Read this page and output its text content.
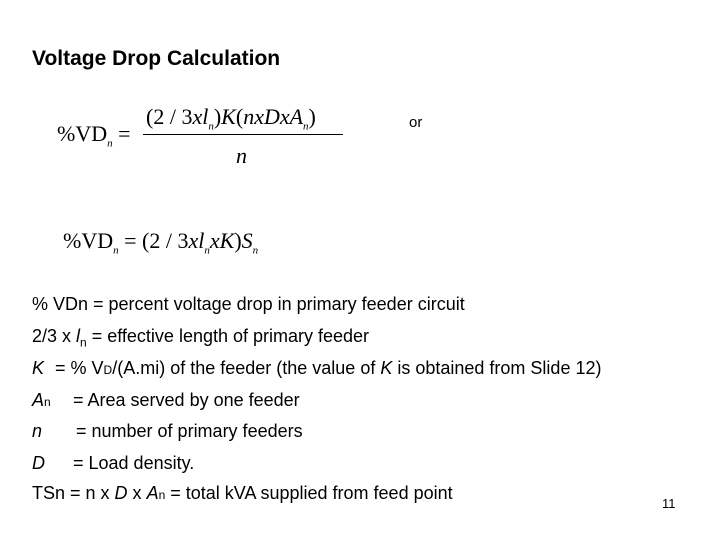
Voltage Drop Calculation
$\%VD_n$ =
$(2 / 3xl_n)K(nxDxA_n)$
n
or
$\%VD_n = (2 / 3xl_nxK)S_n$
% VDn = percent voltage drop in primary feeder circuit
2/3 x $l_n$ = effective length of primary feeder
K = % VD/(A.mi) of the feeder (the value of K is obtained from Slide 12)
An = Area served by one feeder
n = number of primary feeders
D = Load density.
TSn = n x D x An = total kVA supplied from feed point
11
